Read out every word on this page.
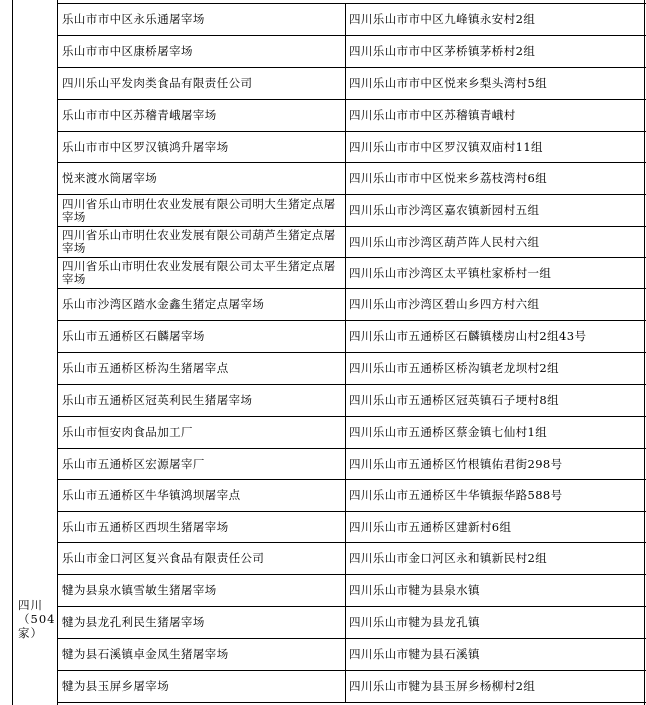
四川
（504
家）
乐山市市中区永乐通屠宰场	四川乐山市市中区九峰镇永安村2组
乐山市市中区康桥屠宰场	四川乐山市市中区茅桥镇茅桥村2组
四川乐山平发肉类食品有限责任公司	四川乐山市市中区悦来乡梨头湾村5组
乐山市市中区苏稽青峨屠宰场	四川乐山市市中区苏稽镇青峨村
乐山市市中区罗汉镇鸿升屠宰场	四川乐山市市中区罗汉镇双庙村11组
悦来渡水筒屠宰场	四川乐山市市中区悦来乡荔枝湾村6组
四川省乐山市明仕农业发展有限公司明大生猪定点屠宰场	四川乐山市沙湾区嘉农镇新园村五组
四川省乐山市明仕农业发展有限公司葫芦生猪定点屠宰场	四川乐山市沙湾区葫芦阵人民村六组
四川省乐山市明仕农业发展有限公司太平生猪定点屠宰场	四川乐山市沙湾区太平镇杜家桥村一组
乐山市沙湾区踏水金鑫生猪定点屠宰场	四川乐山市沙湾区碧山乡四方村六组
乐山市五通桥区石麟屠宰场	四川乐山市五通桥区石麟镇楼房山村2组43号
乐山市五通桥区桥沟生猪屠宰点	四川乐山市五通桥区桥沟镇老龙坝村2组
乐山市五通桥区冠英利民生猪屠宰场	四川乐山市五通桥区冠英镇石子埂村8组
乐山市恒安肉食品加工厂	四川乐山市五通桥区蔡金镇七仙村1组
乐山市五通桥区宏源屠宰厂	四川乐山市五通桥区竹根镇佑君街298号
乐山市五通桥区牛华镇鸿坝屠宰点	四川乐山市五通桥区牛华镇振华路588号
乐山市五通桥区西坝生猪屠宰场	四川乐山市五通桥区建新村6组
乐山市金口河区复兴食品有限责任公司	四川乐山市金口河区永和镇新民村2组
犍为县泉水镇雪敏生猪屠宰场	四川乐山市犍为县泉水镇
犍为县龙孔利民生猪屠宰场	四川乐山市犍为县龙孔镇
犍为县石溪镇卓金凤生猪屠宰场	四川乐山市犍为县石溪镇
犍为县玉屏乡屠宰场	四川乐山市犍为县玉屏乡杨柳村2组
